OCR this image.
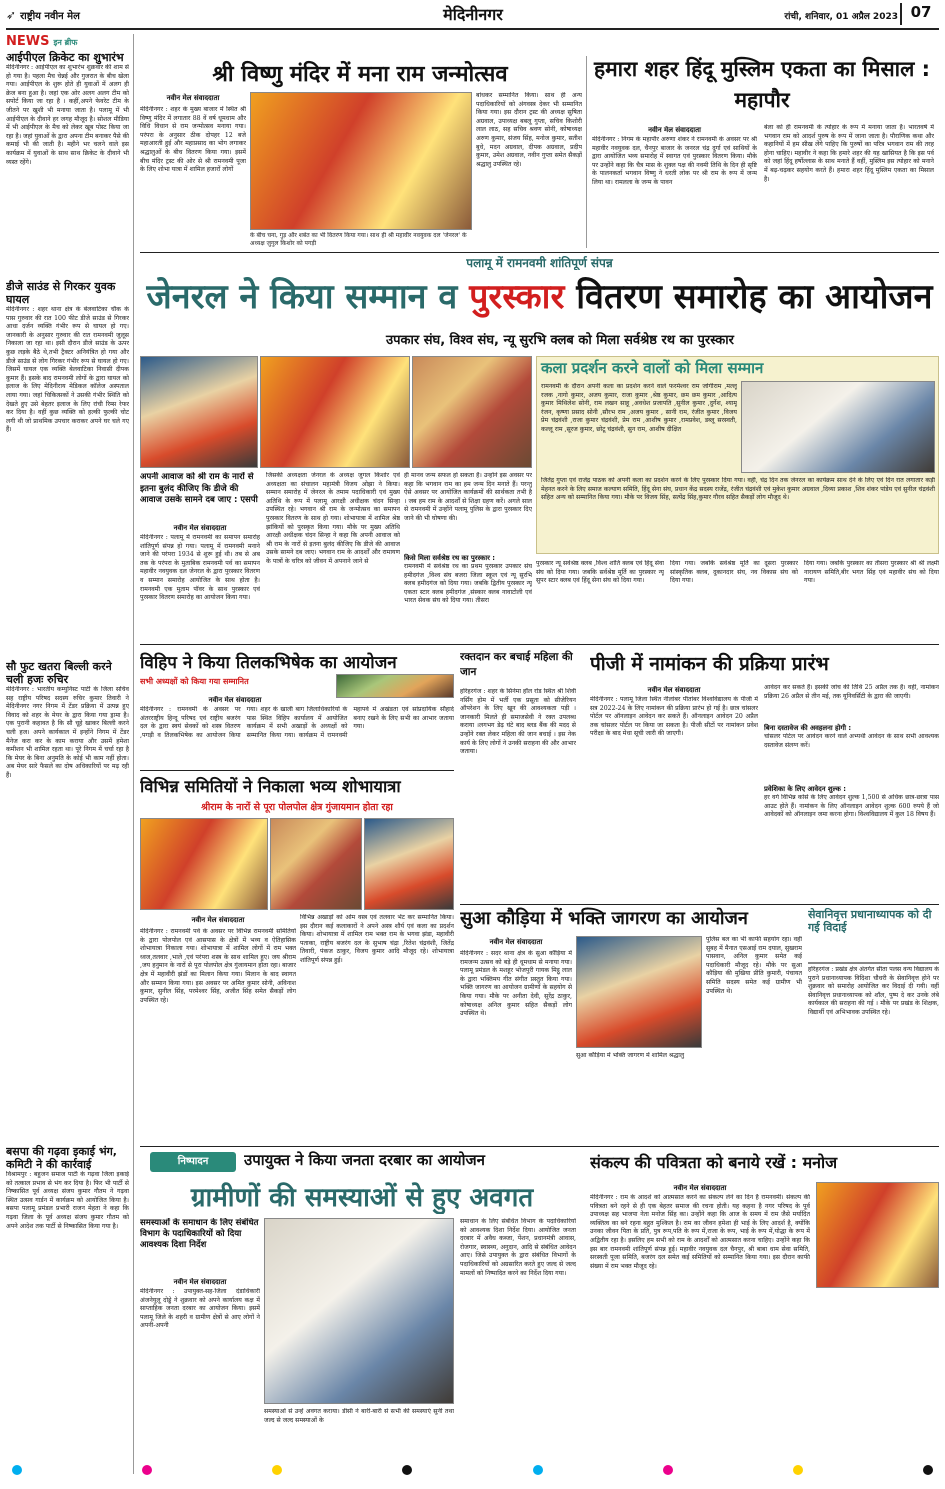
➶ राष्ट्रीय नवीन मेल	मेदिनीनगर	रांची, शनिवार, 01 अप्रैल 2023 07
NEWS इन ब्रीफ
आईपीएल क्रिकेट का शुभारंभ
मेदिनीनगर : आईपीएल का शुभारंभ शुक्रवार की शाम से हो गया है। पहला मैच चेन्नई और गुजरात के बीच खेला गया। आईपीएल के शुरू होते ही युवाओं में अलग ही क्रेज बना हुआ है। जहां एक ओर अलग अलग टीम को सपोर्ट किया जा रहा है । कहीं,अपने फेवरेट टीम के जीतने पर खुशी भी मनाया जाता है। पलामू में भी आईपीएल के दीवाने हर जगह मौजूद है। सोशल मीडिया में भी आईपीएल के मैच को लेकर खूब पोस्ट किया जा रहा है। जहां युवाओं के द्वारा अपना टीम बनाकर पैसे की कमाई भी की जाती है। महीने भर चलने वाले इस कार्यक्रम में युवाओं के साथ साथ क्रिकेट के दीवाने भी व्यस्त रहेंगे।
डीजे साउंड से गिरकर युवक घायल
मेदिनीनगर : शहर थाना क्षेत्र के बेलवाटिका चौक के पास गुरुवार की रात 100 फीट डीजे साउंड से गिरकर आधा दर्जन व्यक्ति गंभीर रूप से घायल हो गए। जानकारी के अनुसार गुरुवार की रात रामनवमी जुलूस निकाला जा रहा था। इसी दौरान डीजे साउंड के ऊपर कुछ लड़के बैठे थे,तभी ट्रैक्टर अनियंत्रित हो गया और डीजे साउंड से लोग गिरकर गंभीर रूप से घायल हो गए। जिसमें घायल एक व्यक्ति बेलवाटिका निवासी दीपक कुमार हैं। इसके बाद रामनवमी लोगों के द्वारा घायल को इलाज के लिए मेदिनीराय मेडिकल कॉलेज अस्पताल लाया गया। जहां चिकित्सकों ने उसकी गंभीर स्थिति को देखते हुए उसे बेहतर इलाज के लिए रांची रिम्स रेफर कर दिया है। वहीं कुछ व्यक्ति को हल्की फुल्की चोट लगी थी जो प्राथमिक उपचार कराकर अपने घर चले गए हैं।
सौ फुट खतरा बिल्ली करने चली हजः रुचिर
मेदिनीनगर : भारतीय कम्युनिस्ट पार्टी के जिला सचिव सह राष्ट्रीय परिषद सदस्य रुचिर कुमार तिवारी ने मेदिनीनगर नगर निगम में टेंडर प्रक्रिया में उत्पन्न हुए विवाद को शहर के मेयर के द्वारा किया गया ड्रामा है। एक पुरानी कहावत है कि सौ चूहे खाकर बिल्ली करने चली हज। अपने कार्यकाल में इन्होंने निगम में टेंडर मैनेज करा कर के काम कराया और उसमें हमेशा कमीशन भी शामिल रहता था। पूरे निगम में चर्चा रहा है कि मेयर के बिना अनुमति के कोई भी काम नहीं होता। अब मेयर सारे फैसले का दोष अधिकारियों पर मढ़ रही हैं।
बसपा की गढ़वा इकाई भंग, कमिटी ने की कार्रवाई
विश्रामपुर : बहुजन समाज पार्टी के गढ़वा जिला इकाई को तत्काल प्रभाव से भंग कर दिया है। फिर भी पार्टी से निष्कासित पूर्व अध्यक्ष संजय कुमार गौतम ने गढ़वा स्थित उत्सव गार्डन में कार्यक्रम को आयोजित किया है। बसपा पलामू प्रमंडल प्रभारी राजन मेहता ने कहा कि गढ़वा जिला के पूर्व अध्यक्ष संजय कुमार गौतम को अपने आदेश तक पार्टी से निष्कासित किया गया है।
श्री विष्णु मंदिर में मना राम जन्मोत्सव
नवीन मेल संवाददाता
मेदिनीनगर : शहर के मुख्य बाजार में स्थित श्री विष्णु मंदिर में लगातार 88 वें वर्ष धूमधाम और विधि विधान से राम जन्मोत्सव मनाया गया। परंपरा के अनुसार ठीक दोपहर 12 बजे महाआरती हुई और महाप्रसाद का भोग लगाकर श्रद्धालुओं के बीच वितरण किया गया। इसमें बीच मंदिर ट्रस्ट की ओर से श्री रामनवमी पूजा के लिए शोभा यात्रा में शामिल हजारों लोगों
के बीच चना, गुड़ और शर्बत का भी वितरण किया गया। साथ ही श्री महावीर नवयुवक दल 'जेनरल' के अध्यक्ष जुगुल किशोर को पगड़ी
बांधकर सम्मानित किया। साथ ही अन्य पदाधिकारियों को अंगवस्त्र देकर भी सम्मानित किया गया। इस दौरान ट्रस्ट की अध्यक्ष सुषिता अग्रवाल, उपाध्यक्ष बबलू गुप्ता, सचिव किशोरी लाल लाठ, सह सचिव श्रवण सोनी, कोषाध्यक्ष अरुण कुमार, संजय सिंह, मनोज कुमार, सतीश बुधे, मदन अग्रवाल, दीपक अग्रवाल, प्रदीप कुमार, उमेश अग्रवाल, नवीन गुप्ता समेत सैकड़ों श्रद्धालु उपस्थित रहे।
हमारा शहर हिंदू मुस्लिम एकता का मिसाल : महापौर
नवीन मेल संवाददाता
मेदिनीनगर : निगम के महापौर अरुणा शंकर ने रामनवमी के अवसर पर श्री महावीर नवयुवक दल, चैनपुर बाजार के जनरल चंद्र दुर्गा एवं साथियों के द्वारा आयोजित भव्य समारोह में स्वागत एवं पुरस्कार वितरण किया। मौके पर उन्होंने कहा कि चैत्र मास के शुक्ल पक्ष की नवमी तिथि के दिन ही सृष्टि के पालनकर्ता भगवान विष्णु ने धरती लोक पर श्री राम के रूप में जन्म लिया था। रामलला के जन्म के पावन
बेला को ही रामनवमी के त्योहार के रूप में मनाया जाता है। भारतवर्ष में भगवान राम को आदर्श पुरुष के रूप में जाना जाता है। पौराणिक कथा और कहानियों में हम सीख लेंगे पाहिए कि पुरुषों का परित्र भगवान राम की तरह होना चाहिए। महावीर ने कहा कि हमारे शहर की यह खासियत है कि इस पर्व को जहां हिंदू हर्षोल्लास के साथ मनाते हैं वहीं, मुस्लिम इस त्योहार को मनाने में बढ़-चढ़कर सहयोग करते हैं। हमारा शहर हिंदू मुस्लिम एकता का मिसाल है।
पलामू में रामनवमी शांतिपूर्ण संपन्न
जेनरल ने किया सम्मान व पुरस्कार वितरण समारोह का आयोजन
उपकार संघ, विश्व संघ, न्यू सुरभि क्लब को मिला सर्वश्रेष्ठ रथ का पुरस्कार
अपनी आवाज को श्री राम के नारों से इतना बुलंद कीजिए कि डीजे की आवाज उसके सामने दब जाए : एसपी
नवीन मेल संवाददाता
मेदिनीनगर : पलामू में रामनवमी का समापन समारोह शांतिपूर्ण संपन्न हो गया। पलामू में रामनवमी मनाने जाने की परंपरा 1934 से शुरू हुई थी। तब से अब तक के परंपरा के मुताबिक रामनवमी पर्व का समापन महावीर नवयुवक दल जेनरल के द्वारा पुरस्कार वितरण व सम्मान समारोह आयोजित के साथ होता है। रामनवमी एक मुताम पॉवर के साथ पुरस्कार एवं पुरस्कार वितरण समारोह का आयोजन किया गया।
जिसकी अध्यक्षता जेनरल के अध्यक्ष जुगल किशोर एवं अध्यक्षता का संचालन महामंत्री विजय ओझा ने किया। सम्मान समारोह में जेनरल के तमाम पदाधिकारी एवं मुख्य अतिथि के रूप में पलामू आरक्षी अधीक्षक चंदन सिन्हा उपस्थित रहे। भगवान श्री राम के जन्मोत्सव का समापन पुरस्कार वितरण के साथ हो गया। शोभायात्रा में शामिल श्रेष्ठ झांकियों को पुरस्कृत किया गया। मौके पर मुख्य अतिथि आरक्षी अधीक्षक चंदन सिन्हा ने कहा कि अपनी आवाज को श्री राम के नारों से इतना बुलंद कीजिए कि डीजे की आवाज उसके सामने दब जाए। भगवान राम के आदर्शों और रामायण के पात्रों के चरित्र को जीवन में अपनाने जाने से
ही मानव जन्म सफल हो सकता है। उन्होंने इस अवसर पर कहा कि भगवान राम का हम जन्म दिन मनाते हैं। परन्तु ऐसे अवसर पर आयोजित कार्यक्रमों की सार्थकता तभी है । जब हम राम के आदर्शों से शिक्षा ग्रहण करें। अगले साल से रामनवमी में उन्होंने पलामू पुलिस के द्वारा पुरस्कार दिए जाने की भी घोषणा की।
किसे मिला सर्वश्रेष्ठ रथ का पुरस्कार :
रामनवमी में सर्वश्रेष्ठ रथ का प्रथम पुरस्कार उपकार संघ हमीदगंज ,विश्व संघ बजरा जिला स्कूल एवं न्यू सुरभि क्लब हमीदगंज को दिया गया। जबकि द्वितीय पुरस्कार न्यू एकता स्टार क्लब हमीदगंज ,संस्कार क्लब नावाटोली एवं भारत सेवक संघ को दिया गया। तीसरा
कला प्रदर्शन करने वालों को मिला सम्मान
रामनवमी के दौरान अपनी कला का प्रदर्शन करने वाले फरमेश्वर राम जोगीराम ,मल्लू रजक ,नागो कुमार, अजय कुमार, राजा कुमार ,श्रेष्ठ कुमार, छम छम कुमार ,आदित्य कुमार मिथिलेश सोनी, राम लखन साहू ,अवधेश प्रजापति ,सुनील कुमार ,दुर्गेश, श्यामू रंजन, कृष्णा प्रसाद सोनी ,सौरभ राम ,अजय कुमार , सानी राम, रंजीत कुमार ,विजय प्रेम चंद्रवंशी ,राजा कुमार चंद्रवंशी, प्रेम राम ,आशीष कुमार ,रामप्रवेश, डब्लू सरस्वती, कल्लू राम ,सूरज कुमार, छोटू चंद्रवंशी, सुन राम, आशीष दीक्षित
जितेंद्र गुप्ता एवं राजेंद्र पाठक को अपनी कला का प्रदर्शन करने के लिए पुरस्कार दिया गया। वहीं, चंद्र दिन तक जेनरल का कार्यक्रम साथ देने के लिए एवं दिन रात लगातार कड़ी मेहनत करने के लिए समाज कल्याण समिति, हिंदू सेना संघ, प्रधान केंद्र सदस्य राजेंद्र, रंजीत चंद्रवंशी एवं मुकेश कुमार अग्रवाल ,दिव्या प्रकाश ,शिव शंकर पांडेय एवं सुनील चंद्रवंशी सहित अन्य को सम्मानित किया गया। मौके पर विजय सिंह, सत्येंद्र सिंह,कुमार गौरव सहित सैकड़ों लोग मौजूद थे।
पुरस्कार न्यू सर्वश्रेष्ठ क्लब ,विश्व शांति क्लब एवं हिंदू सेवा संघ को दिया गया। जबकि सर्वश्रेष्ठ मूर्ति का पुरस्कार न्यू सुपर स्टार क्लब एवं हिंदू सेना संघ को दिया गया।
दिया गया। जबकि सर्वश्रेष्ठ मूर्ति का दूसरा पुरस्कार सांस्कृतिक क्लब, दुकानदार संघ, नव विकास संघ को दिया गया।
दिया गया। जबकि पुरस्कार का तीसरा पुरस्कार श्री श्री लक्ष्मी नारायण समिति,बीर भगत सिंह एवं महावीर संघ को दिया गया।
विहिप ने किया तिलकभिषेक का आयोजन
सभी अध्यक्षों को किया गया सम्मानित
नवीन मेल संवाददाता
मेदिनीनगर : रामनवमी के अवसर पर अंतरराष्ट्रीय हिन्दू परिषद एवं राष्ट्रीय बजरंग दल के द्वारा स्वयं सेवकों को शस्त्र वितरण ,पगड़ी व तिलकभिषेक का आयोजन किया गया। शहर के खाली बाग जिलाधिकारियों के पास स्थित विहिप कार्यालय में आयोजित कार्यक्रम में सभी अखाड़ों के अध्यक्षों को सम्मानित किया गया। कार्यक्रम में रामनवमी महापर्व में अखंडता एवं सांप्रदायिक सौहार्द बनाए रखने के लिए सभी का आभार जताया गया।
रक्तदान कर बचाई महिला की जान
हरिहरगंज : शहर के सिनेमा हॉल रोड स्थित श्री शिवी नर्सिंग होम में भर्ती एक प्रसूता को सीजेरियन ऑपरेशन के लिए खून की आवश्यकता पड़ी । जानकारी मिलते ही समाजसेवी ने रक्त उपलब्ध कराया ।लगभग डेढ़ घंटे बाद ब्लड बैंक की मदद से उन्होंने रक्त लेकर महिला की जान बचाई । इस नेक कार्य के लिए लोगों ने उनकी सराहना की और आभार जताया।
विभिन्न समितियों ने निकाला भव्य शोभायात्रा
श्रीराम के नारों से पूरा पोलपोल क्षेत्र गुंजायमान होता रहा
नवीन मेल संवाददाता
मेदिनीनगर : रामनवमी पर्व के अवसर पर विभिन्न रामनवमी समितियों के द्वारा पोलपोल एवं आसपास के क्षेत्रों में भव्य व ऐतिहासिक शोभायात्रा निकाला गया। शोभायात्रा में शामिल लोगों में राम भक्त ध्वज,तलवार ,भाले ,एवं परंपरा शस्त्र के साथ शामिल हुए। जय श्रीराम ,जय हनुमान के नारों से पूरा पोलपोल क्षेत्र गुंजायमान होता रहा। बाजार क्षेत्र में महावीरी झंडों का मिलान किया गया। मिलान के बाद स्वागत और सम्मान किया गया। इस अवसर पर अमित कुमार सोनी, अविनाश कुमार, सुनील सिंह, परमेश्वर सिंह, अजीत सिंह समेत सैकड़ों लोग उपस्थित रहे।
विभिन्न अखाड़ों को ओम वस्त्र एवं तलवार भेंट कर सम्मानित किया। इस दौरान कई कलाकारों ने अपने अस्त्र शौर्य एवं कला का प्रदर्शन किया। शोभायात्रा में शामिल राम भक्त राम के भगवा झंडा, महावीरी पताका, राष्ट्रीय बजरंग दल के सुभाष चंद्रा ,रितेश चंद्रवंशी, जितेंद्र तिवारी, पंकज ठाकुर, विजय कुमार आदि मौजूद रहे। शोभायात्रा शांतिपूर्ण संपन्न हुई।
पीजी में नामांकन की प्रक्रिया प्रारंभ
नवीन मेल संवाददाता
मेदिनीनगर : पलामू जिला स्थित नीलांबर पीतांबर विश्वविद्यालय के पीजी में सत्र 2022-24 के लिए नामांकन की प्रक्रिया प्रारंभ हो गई है। छात्र चांसलर पोर्टल पर ऑनलाइन आवेदन कर सकते हैं। ऑनलाइन आवेदन 20 अप्रैल तक चांसलर पोर्टल पर किया जा सकता है। पीजी सीटों पर नामांकन प्रवेश परीक्षा के बाद मेधा सूची जारी की जाएगी।
आवेदन कर सकते हैं। इसकी जांच की तिथि 25 अप्रैल तक है। वहीं, नामांकन प्रक्रिया 26 अप्रैल से तीन मई, तक यूनिवर्सिटी के द्वारा की जाएगी।
बिना दस्तावेज की अवहलना होगी :
चांसलर पोर्टल पर आवेदन करने वाले अभ्यर्थी आवेदन के साथ सभी आवश्यक दस्तावेज संलग्न करें।
प्रवेशिका के लिए आवेदन शुल्क :
हर वर्ग विभिन्न कोर्स के लिए आवेदन शुल्क 1,500 से अधिक छात्र-छात्रा पास आउट होते हैं। नामांकन के लिए ऑनलाइन आवेदन शुल्क 600 रुपये हैं जो आवेदकों को ऑनलाइन जमा करना होगा। विश्वविद्यालय में कुल 18 विषय हैं।
सुआ कौड़िया में भक्ति जागरण का आयोजन
नवीन मेल संवाददाता
मेदिनीनगर : सदर थाना क्षेत्र के सुआ कौड़िया में रामजन्म उत्सव को बड़े ही धूमधाम से मनाया गया। पलामू प्रमंडल के मशहूर भोजपुरी गायक मिट्ठू लाल के द्वारा भक्तिमय गीत संगीत प्रस्तुत किया गया। भक्ति जागरण का आयोजन ग्रामीणों के सहयोग से किया गया। मौके पर अनीता देवी, सुरेंद्र ठाकुर, कोषाध्यक्ष अनिल कुमार सहित सैकड़ों लोग उपस्थित थे।
पुलिस बल का भी काफी सहयोग रहा। वहीं सुबह में मैनात एसआई राम दयाल, सुखराम पासवान, अनिल कुमार समेत कई पदाधिकारी मौजूद रहे। मौके पर सुआ कौड़िया की मुखिया प्रीति कुमारी, पंचायत समिति सदस्य समेत कई ग्रामीण भी उपस्थित थे।
सुआ कौड़िया में भक्ति जागरण में शामिल श्रद्धालु
सेवानिवृत्त प्रधानाध्यापक को दी गई विदाई
हरिहरगंज : प्रखंड क्षेत्र अंतर्गत सीता पलस वन्य विद्यालय के पुराने प्रधानाध्यापक विदिशा चौधरी के सेवानिवृत्त होने पर शुक्रवार को समारोह आयोजित कर विदाई दी गयी। वहीं सेवानिवृत्त प्रधानाध्यापक को शॉल, पुष्प दे कर उनके लंबे कार्यकाल की सराहना की गई । मौके पर प्रखंड के शिक्षक, विद्यार्थी एवं अभिभावक उपस्थित रहे।
निष्पादन	उपायुक्त ने किया जनता दरबार का आयोजन
ग्रामीणों की समस्याओं से हुए अवगत
समस्याओं के समाधान के लिए संबंधित विभाग के पदाधिकारियों को दिया आवश्यक दिशा निर्देश
नवीन मेल संवाददाता
मेदिनीनगर : उपायुक्त-सह-जिला दंडाधिकारी अंजनेयुलू दोड्डे ने शुक्रवार को अपने कार्यालय कक्ष में साप्ताहिक जनता दरबार का आयोजन किया। इसमें पलामू जिले के शहरी व ग्रामीण क्षेत्रों से आए लोगों ने अपनी-अपनी
समस्याओं से उन्हें अवगत कराया। डीसी ने बारी-बारी से सभी की समस्याएं सुनी तथा जल्द से जल्द समस्याओं के
समाधान के लिए संबंधित विभाग के पदाधिकारियों को आवश्यक दिशा निर्देश दिया। आयोजित जनता दरबार में अवैध कब्जा, पेंशन, प्रधानमंत्री आवास, रोजगार, स्वास्थ्य, अनुदान, आदि से संबंधित आवेदन आए। जिसे उपायुक्त के द्वारा संबंधित विभागों के पदाधिकारियों को अग्रसारित करते हुए जल्द से जल्द मामलों को निष्पादित करने का निर्देश दिया गया।
संकल्प की पवित्रता को बनाये रखें : मनोज
नवीन मेल संवाददाता
मेदिनीनगर : राम के आदर्श को आत्मसात करने का संकल्प लेने का दिन है रामनवमी। संकल्प की पवित्रता बने रहने से ही एक बेहतर समाज की रचना होती। यह कहना है नगर परिषद के पूर्व उपाध्यक्ष सह भाजपा नेता मनोज सिंह का। उन्होंने कहा कि आज के समय में राम जैसे मर्यादित व्यक्तित्व का बने रहना बहुत मुश्किल है। राम का जीवन हमेशा ही भाई के लिए आदर्श है, क्योंकि उनका जीवन पिता के प्रति, पुत्र रूप,पति के रूप में,राजा के रूप, भाई के रूप में,योद्धा के रूप में अद्वितीय रहा है। इसलिए हम सभी को राम के आदर्शों को आत्मसात करना चाहिए। उन्होंने कहा कि इस बार रामनवमी शांतिपूर्ण संपन्न हुई। महावीर नवयुवक दल चैनपुर, श्री बाबा धाम सेवा समिति, सरस्वती पूजा समिति, बजरंग दल समेत कई समितियों को सम्मानित किया गया। इस दौरान काफी संख्या में राम भक्त मौजूद रहे।
